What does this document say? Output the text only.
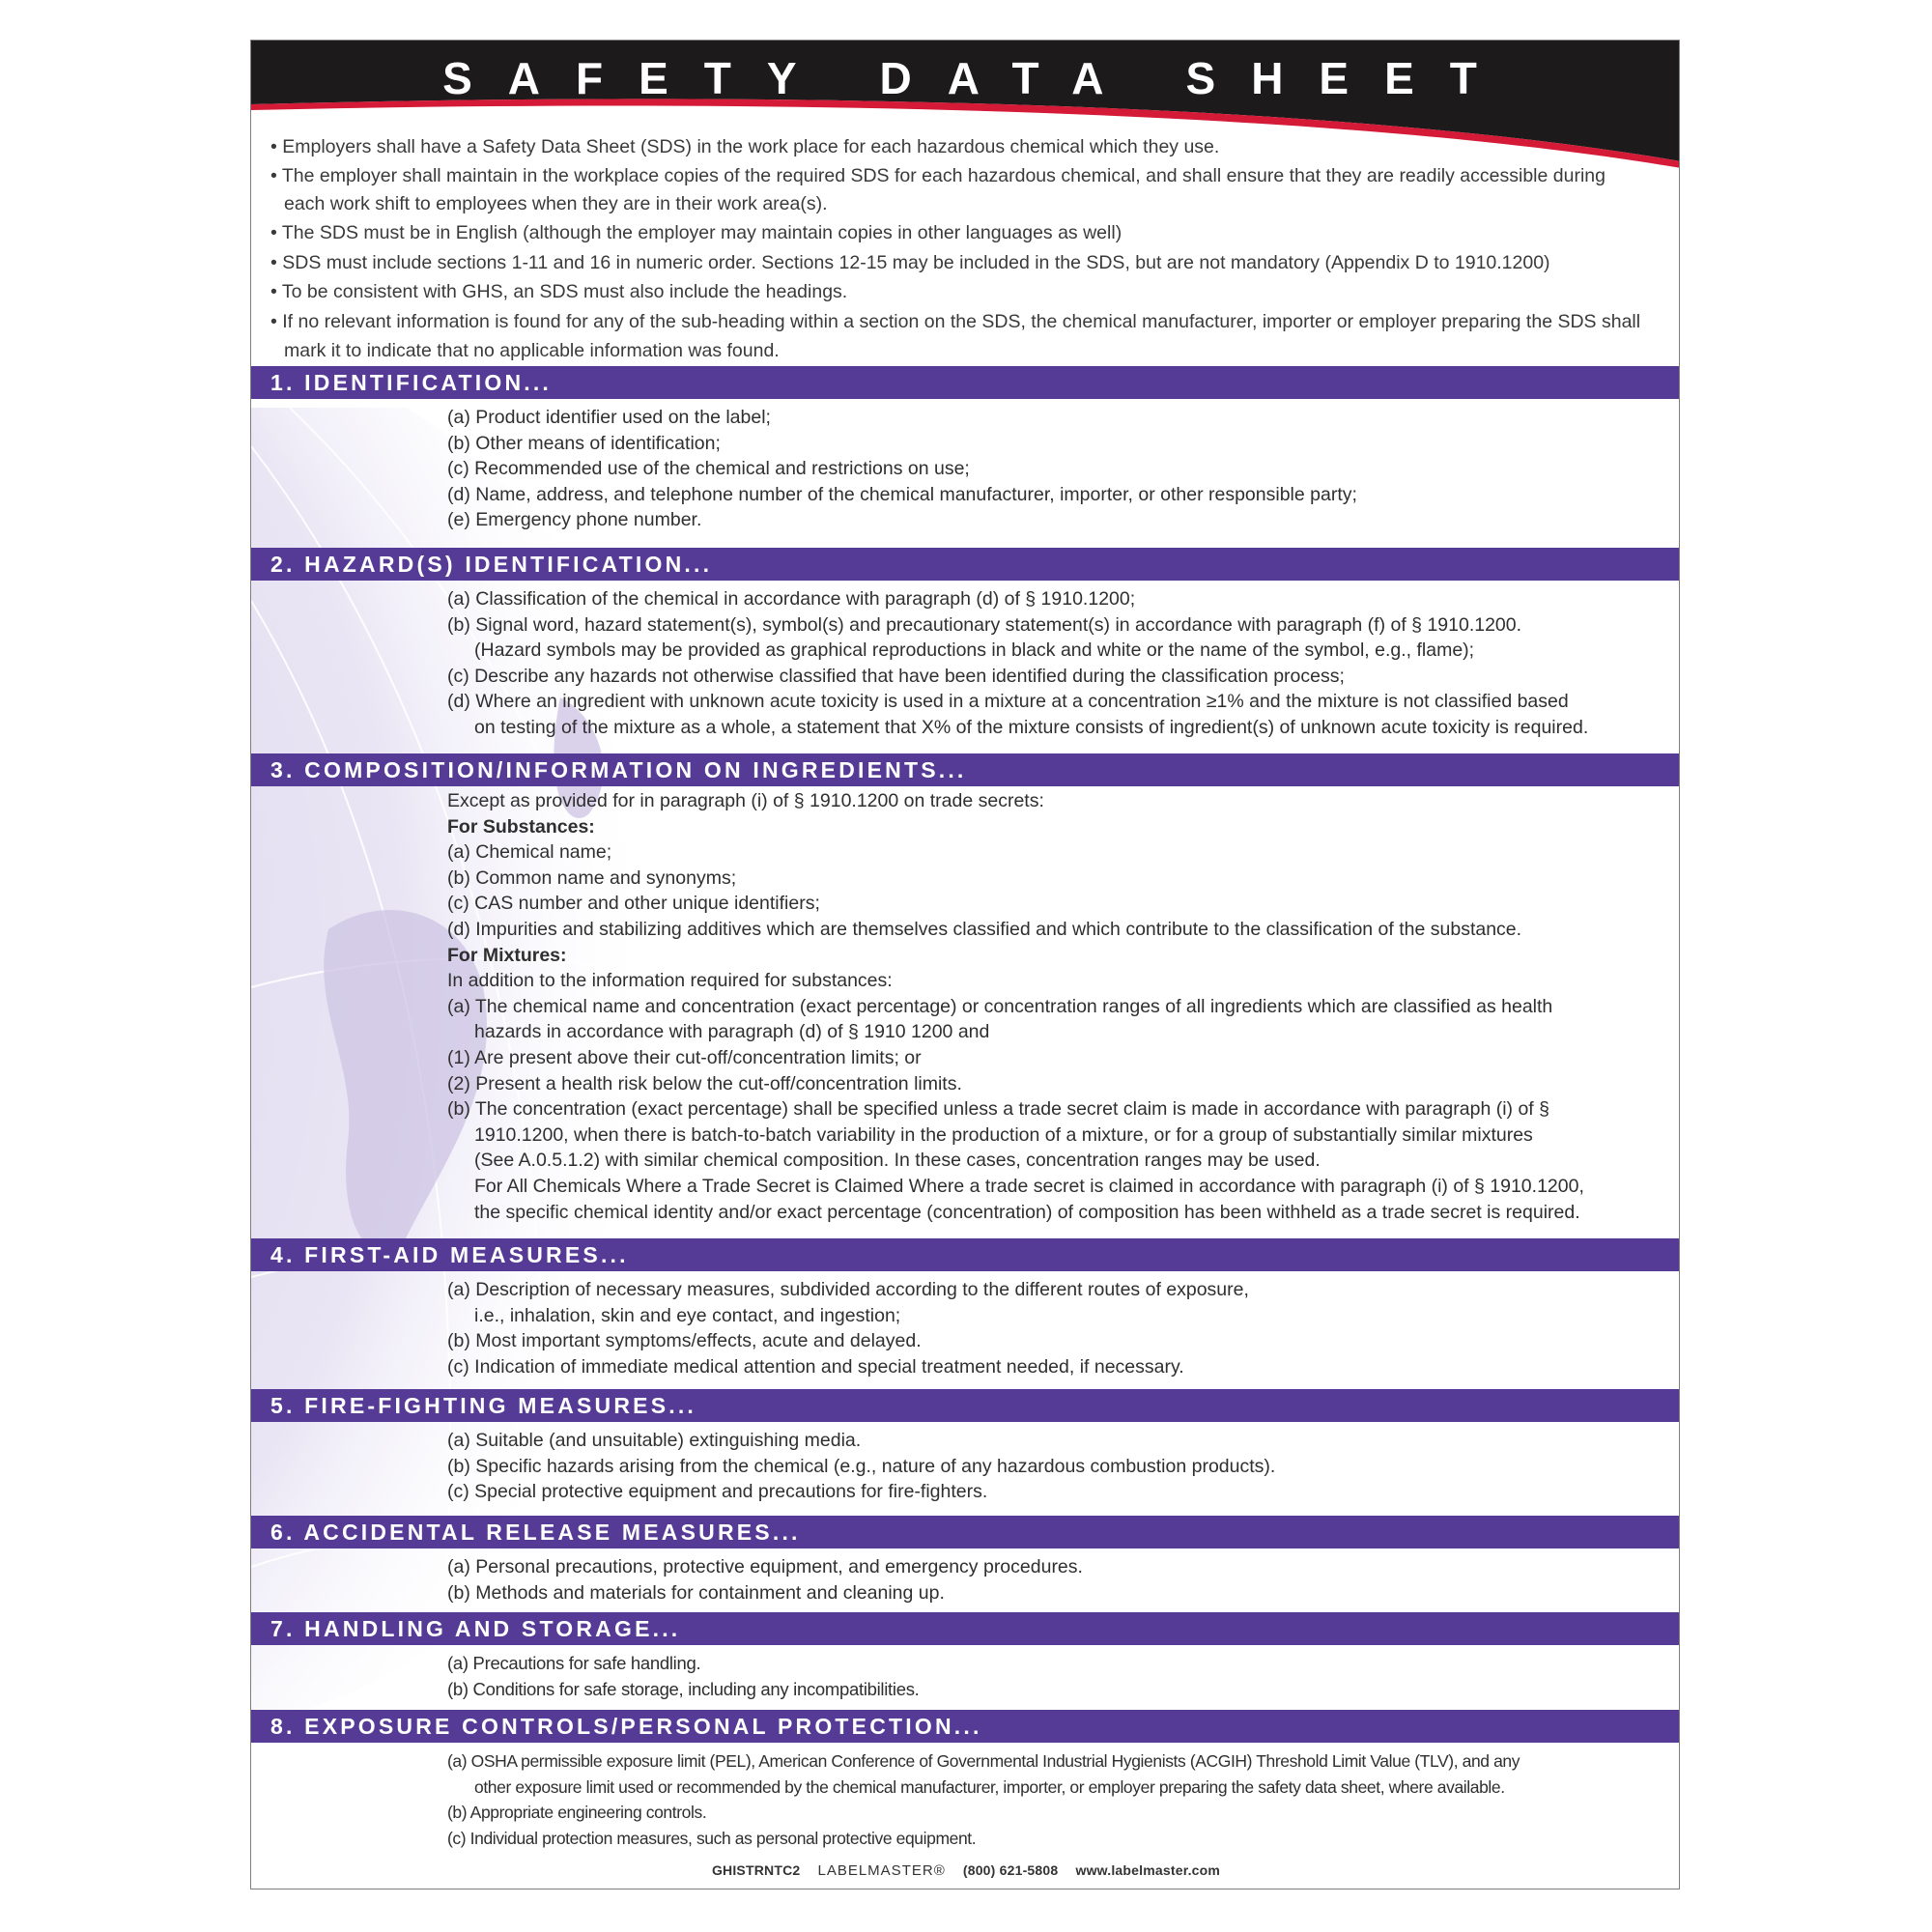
SAFETY DATA SHEET
• Employers shall have a Safety Data Sheet (SDS) in the work place for each hazardous chemical which they use.
• The employer shall maintain in the workplace copies of the required SDS for each hazardous chemical, and shall ensure that they are readily accessible during each work shift to employees when they are in their work area(s).
• The SDS must be in English (although the employer may maintain copies in other languages as well)
• SDS must include sections 1-11 and 16 in numeric order. Sections 12-15 may be included in the SDS, but are not mandatory (Appendix D to 1910.1200)
• To be consistent with GHS, an SDS must also include the headings.
• If no relevant information is found for any of the sub-heading within a section on the SDS, the chemical manufacturer, importer or employer preparing the SDS shall mark it to indicate that no applicable information was found.
1. IDENTIFICATION...
(a) Product identifier used on the label;
(b) Other means of identification;
(c) Recommended use of the chemical and restrictions on use;
(d) Name, address, and telephone number of the chemical manufacturer, importer, or other responsible party;
(e) Emergency phone number.
2. HAZARD(S) IDENTIFICATION...
(a) Classification of the chemical in accordance with paragraph (d) of § 1910.1200;
(b) Signal word, hazard statement(s), symbol(s) and precautionary statement(s) in accordance with paragraph (f) of § 1910.1200.
(Hazard symbols may be provided as graphical reproductions in black and white or the name of the symbol, e.g., flame);
(c) Describe any hazards not otherwise classified that have been identified during the classification process;
(d) Where an ingredient with unknown acute toxicity is used in a mixture at a concentration ≥1% and the mixture is not classified based
on testing of the mixture as a whole, a statement that X% of the mixture consists of ingredient(s) of unknown acute toxicity is required.
3. COMPOSITION/INFORMATION ON INGREDIENTS...
Except as provided for in paragraph (i) of § 1910.1200 on trade secrets:
For Substances:
(a) Chemical name;
(b) Common name and synonyms;
(c) CAS number and other unique identifiers;
(d) Impurities and stabilizing additives which are themselves classified and which contribute to the classification of the substance.
For Mixtures:
In addition to the information required for substances:
(a) The chemical name and concentration (exact percentage) or concentration ranges of all ingredients which are classified as health
hazards in accordance with paragraph (d) of § 1910 1200 and
(1) Are present above their cut-off/concentration limits; or
(2) Present a health risk below the cut-off/concentration limits.
(b) The concentration (exact percentage) shall be specified unless a trade secret claim is made in accordance with paragraph (i) of §
1910.1200, when there is batch-to-batch variability in the production of a mixture, or for a group of substantially similar mixtures
(See A.0.5.1.2) with similar chemical composition. In these cases, concentration ranges may be used.
For All Chemicals Where a Trade Secret is Claimed Where a trade secret is claimed in accordance with paragraph (i) of § 1910.1200,
the specific chemical identity and/or exact percentage (concentration) of composition has been withheld as a trade secret is required.
4. FIRST-AID MEASURES...
(a) Description of necessary measures, subdivided according to the different routes of exposure,
i.e., inhalation, skin and eye contact, and ingestion;
(b) Most important symptoms/effects, acute and delayed.
(c) Indication of immediate medical attention and special treatment needed, if necessary.
5. FIRE-FIGHTING MEASURES...
(a) Suitable (and unsuitable) extinguishing media.
(b) Specific hazards arising from the chemical (e.g., nature of any hazardous combustion products).
(c) Special protective equipment and precautions for fire-fighters.
6. ACCIDENTAL RELEASE MEASURES...
(a) Personal precautions, protective equipment, and emergency procedures.
(b) Methods and materials for containment and cleaning up.
7. HANDLING AND STORAGE...
(a) Precautions for safe handling.
(b) Conditions for safe storage, including any incompatibilities.
8. EXPOSURE CONTROLS/PERSONAL PROTECTION...
(a) OSHA permissible exposure limit (PEL), American Conference of Governmental Industrial Hygienists (ACGIH) Threshold Limit Value (TLV), and any
other exposure limit used or recommended by the chemical manufacturer, importer, or employer preparing the safety data sheet, where available.
(b) Appropriate engineering controls.
(c) Individual protection measures, such as personal protective equipment.
GHISTRNTC2 LABELMASTER® (800) 621-5808 www.labelmaster.com
